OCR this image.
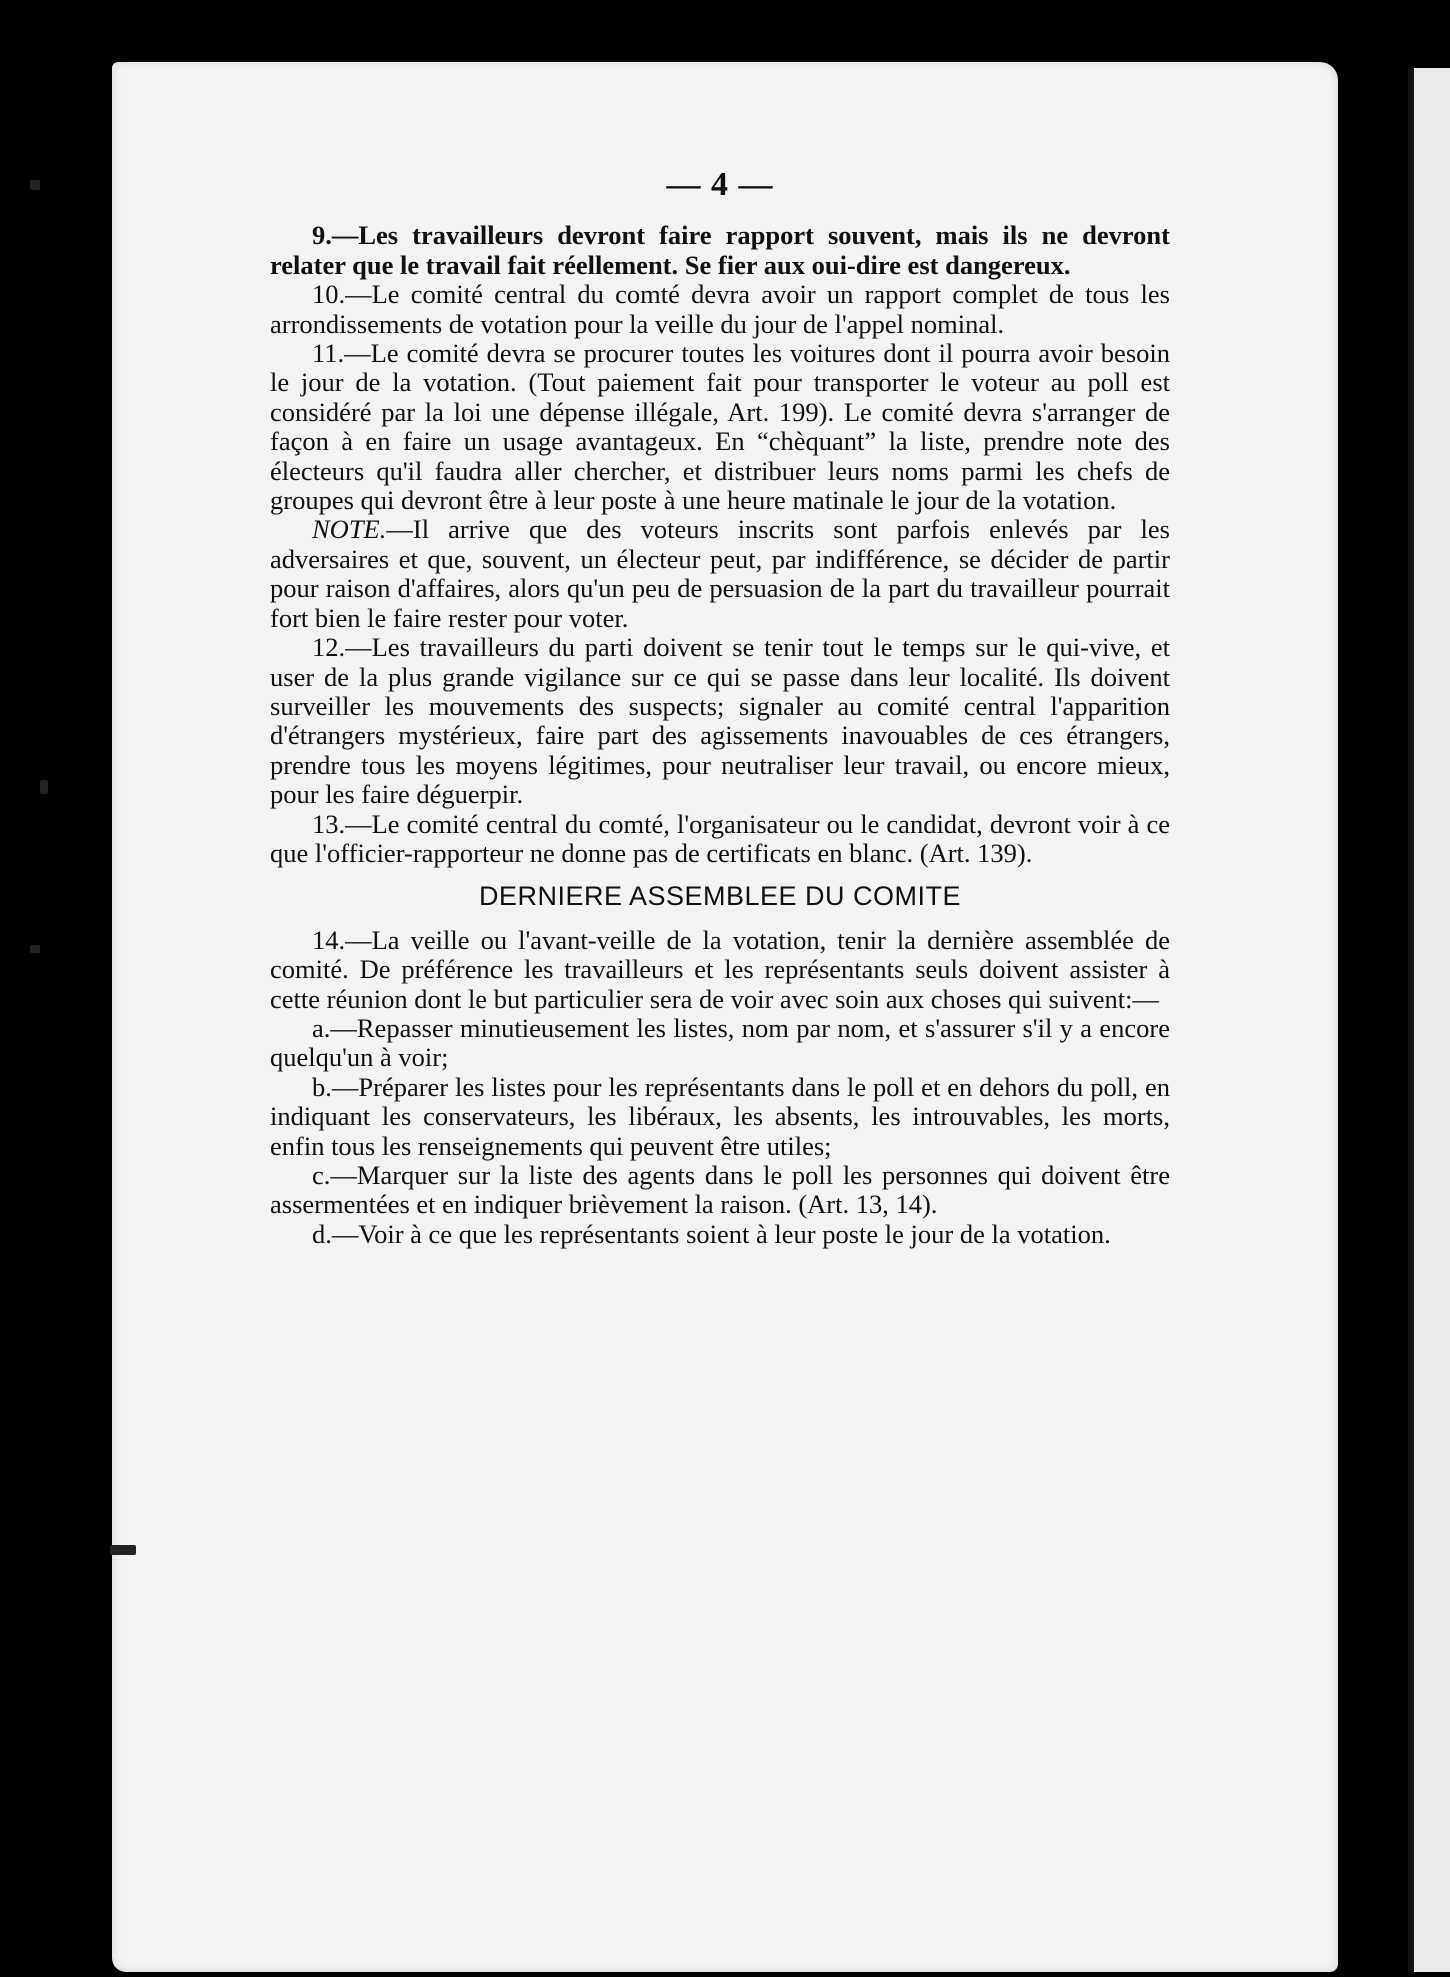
— 4 —

9.—Les travailleurs devront faire rapport souvent, mais ils ne devront relater que le travail fait réellement. Se fier aux oui-dire est dangereux.

10.—Le comité central du comté devra avoir un rapport complet de tous les arrondissements de votation pour la veille du jour de l'appel nominal.

11.—Le comité devra se procurer toutes les voitures dont il pourra avoir besoin le jour de la votation. (Tout paiement fait pour transporter le voteur au poll est considéré par la loi une dépense illégale, Art. 199). Le comité devra s'arranger de façon à en faire un usage avantageux. En “chèquant” la liste, prendre note des électeurs qu'il faudra aller chercher, et distribuer leurs noms parmi les chefs de groupes qui devront être à leur poste à une heure matinale le jour de la votation.

NOTE.—Il arrive que des voteurs inscrits sont parfois enlevés par les adversaires et que, souvent, un électeur peut, par indifférence, se décider de partir pour raison d'affaires, alors qu'un peu de persuasion de la part du travailleur pourrait fort bien le faire rester pour voter.

12.—Les travailleurs du parti doivent se tenir tout le temps sur le qui-vive, et user de la plus grande vigilance sur ce qui se passe dans leur localité. Ils doivent surveiller les mouvements des suspects; signaler au comité central l'apparition d'étrangers mystérieux, faire part des agissements inavouables de ces étrangers, prendre tous les moyens légitimes, pour neutraliser leur travail, ou encore mieux, pour les faire déguerpir.

13.—Le comité central du comté, l'organisateur ou le candidat, devront voir à ce que l'officier-rapporteur ne donne pas de certificats en blanc. (Art. 139).

DERNIERE ASSEMBLEE DU COMITE

14.—La veille ou l'avant-veille de la votation, tenir la dernière assemblée de comité. De préférence les travailleurs et les représentants seuls doivent assister à cette réunion dont le but particulier sera de voir avec soin aux choses qui suivent:—

a.—Repasser minutieusement les listes, nom par nom, et s'assurer s'il y a encore quelqu'un à voir;

b.—Préparer les listes pour les représentants dans le poll et en dehors du poll, en indiquant les conservateurs, les libéraux, les absents, les introuvables, les morts, enfin tous les renseignements qui peuvent être utiles;

c.—Marquer sur la liste des agents dans le poll les personnes qui doivent être assermentées et en indiquer brièvement la raison. (Art. 13, 14).

d.—Voir à ce que les représentants soient à leur poste le jour de la votation.
